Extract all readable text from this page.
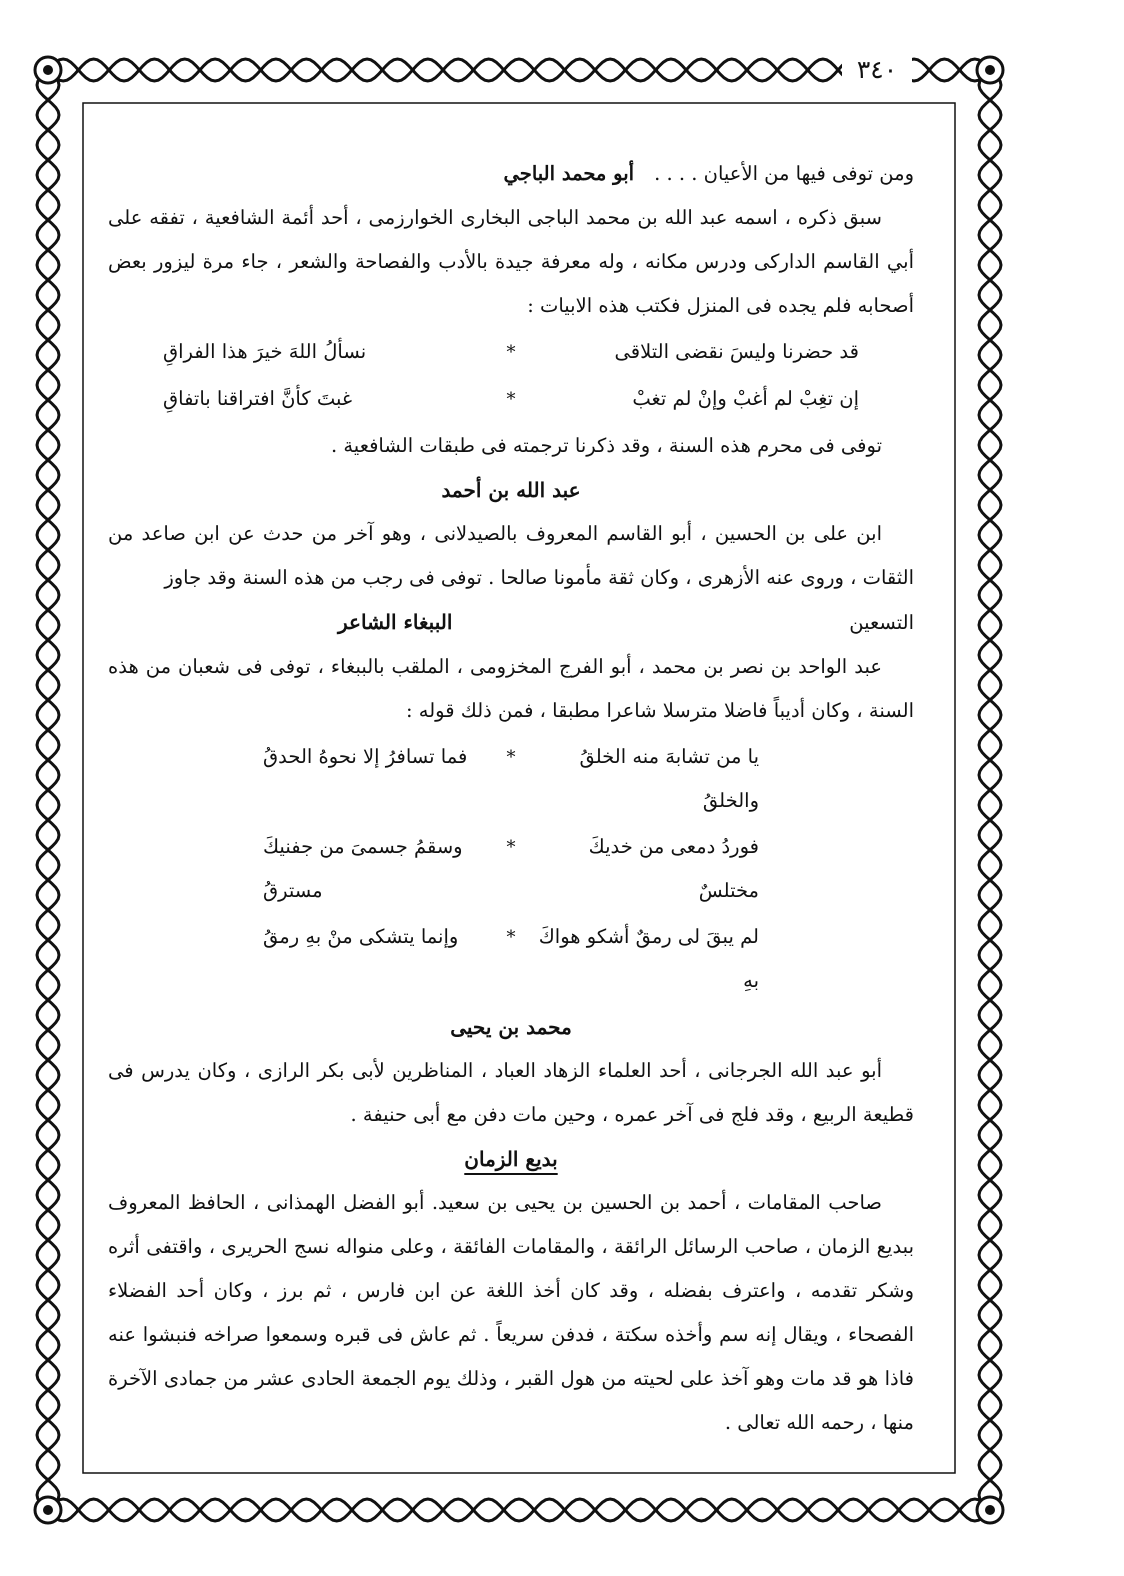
٣٤٠
ومن توفى فيها من الأعيان . . . .
أبو محمد الباجي

سبق ذكره ، اسمه عبد الله بن محمد الباجى البخارى الخوارزمى ، أحد أئمة الشافعية ، تفقه على أبي القاسم الداركى ودرس مكانه ، وله معرفة جيدة بالأدب والفصاحة والشعر ، جاء مرة ليزور بعض أصحابه فلم يجده فى المنزل فكتب هذه الابيات :

قد حضرنا وليسَ نقضى التلاقى
*
نسألُ اللهَ خيرَ هذا الفراقِ
إن تغِبْ لم أغبْ وإنْ لم تغبْ
*
غبتَ كأنَّ افتراقنا باتفاقِ

توفى فى محرم هذه السنة ، وقد ذكرنا ترجمته فى طبقات الشافعية .

عبد الله بن أحمد

ابن على بن الحسين ، أبو القاسم المعروف بالصيدلانى ، وهو آخر من حدث عن ابن صاعد من الثقات ، وروى عنه الأزهرى ، وكان ثقة مأمونا صالحا . توفى فى رجب من هذه السنة وقد جاوز

التسعين
الببغاء الشاعر

عبد الواحد بن نصر بن محمد ، أبو الفرج المخزومى ، الملقب بالببغاء ، توفى فى شعبان من هذه السنة ، وكان أديباً فاضلا مترسلا شاعرا مطبقا ، فمن ذلك قوله :

يا من تشابهَ منه الخلقُ والخلقُ
*
فما تسافرُ إلا نحوهُ الحدقُ
فوردُ دمعى من خديكَ مختلسٌ
*
وسقمُ جسمىَ من جفنيكَ مسترقُ
لم يبقَ لى رمقٌ أشكو هواكَ بهِ
*
وإنما يتشكى منْ بهِ رمقُ

محمد بن يحيى

أبو عبد الله الجرجانى ، أحد العلماء الزهاد العباد ، المناظرين لأبى بكر الرازى ، وكان يدرس فى قطيعة الربيع ، وقد فلج فى آخر عمره ، وحين مات دفن مع أبى حنيفة .

بديع الزمان

صاحب المقامات ، أحمد بن الحسين بن يحيى بن سعيد. أبو الفضل الهمذانى ، الحافظ المعروف ببديع الزمان ، صاحب الرسائل الرائقة ، والمقامات الفائقة ، وعلى منواله نسج الحريرى ، واقتفى أثره وشكر تقدمه ، واعترف بفضله ، وقد كان أخذ اللغة عن ابن فارس ، ثم برز ، وكان أحد الفضلاء الفصحاء ، ويقال إنه سم وأخذه سكتة ، فدفن سريعاً . ثم عاش فى قبره وسمعوا صراخه فنبشوا عنه فاذا هو قد مات وهو آخذ على لحيته من هول القبر ، وذلك يوم الجمعة الحادى عشر من جمادى الآخرة منها ، رحمه الله تعالى .
